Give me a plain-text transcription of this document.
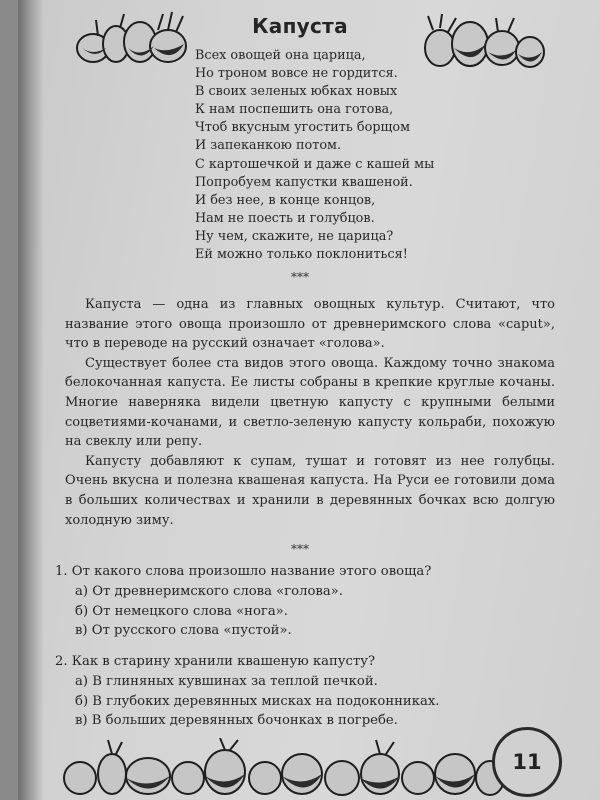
Капуста
Всех овощей она царица,
Но троном вовсе не гордится.
В своих зеленых юбках новых
К нам поспешить она готова,
Чтоб вкусным угостить борщом
И запеканкою потом.
С картошечкой и даже с кашей мы
Попробуем капустки квашеной.
И без нее, в конце концов,
Нам не поесть и голубцов.
Ну чем, скажите, не царица?
Ей можно только поклониться!
***

Капуста — одна из главных овощных культур. Считают, что название этого овоща произошло от древнеримского слова «caput», что в переводе на русский означает «голова».

Существует более ста видов этого овоща. Каждому точно знакома белокочанная капуста. Ее листы собраны в крепкие круглые кочаны. Многие наверняка видели цветную капусту с крупными белыми соцветиями-кочанами, и светло-зеленую капусту кольраби, похожую на свеклу или репу.

Капусту добавляют к супам, тушат и готовят из нее голубцы. Очень вкусна и полезна квашеная капуста. На Руси ее готовили дома в больших количествах и хранили в деревянных бочках всю долгую холодную зиму.

***
1. От какого слова произошло название этого овоща?
а) От древнеримского слова «голова».
б) От немецкого слова «нога».
в) От русского слова «пустой».
2. Как в старину хранили квашеную капусту?
а) В глиняных кувшинах за теплой печкой.
б) В глубоких деревянных мисках на подоконниках.
в) В больших деревянных бочонках в погребе.
11
